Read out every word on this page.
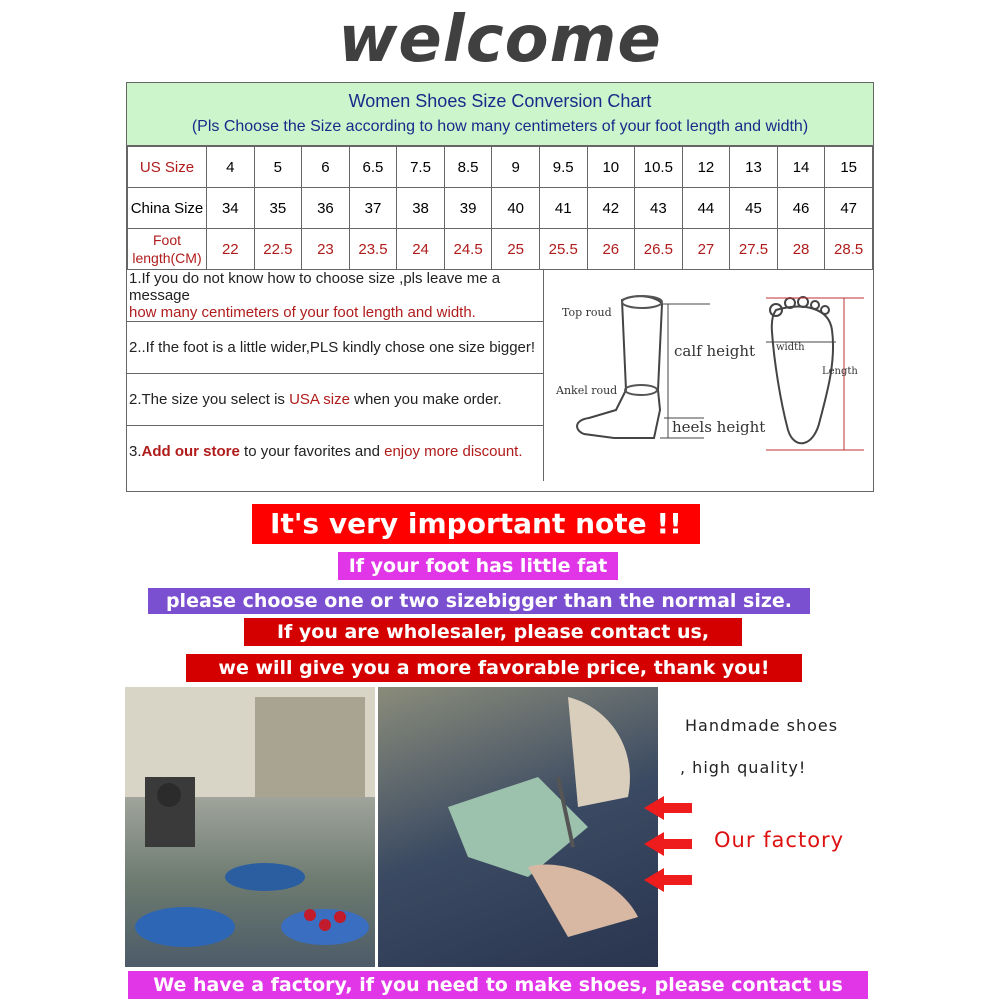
welcome
Women Shoes Size Conversion Chart
(Pls Choose the Size according to how many centimeters of your foot length and width)
US Size	4	5	6	6.5	7.5	8.5	9	9.5	10	10.5	12	13	14	15
China Size	34	35	36	37	38	39	40	41	42	43	44	45	46	47
Foot length(CM)	22	22.5	23	23.5	24	24.5	25	25.5	26	26.5	27	27.5	28	28.5
1.If you do not know how to choose size ,pls leave me a message
how many centimeters of your foot length and width.
2..If the foot is a little wider,PLS kindly chose one size bigger!
2.The size you select is USA size when you make order.
3.Add our store to your favorites and enjoy more discount.
Top roud
Ankel roud
calf height
heels height
width
Length
It's very important note !!
If your foot has little fat
please choose one or two sizebigger than the normal size.
If you are wholesaler, please contact us,
we will give you a more favorable price, thank you!
Handmade shoes
, high quality!
Our factory
We have a factory, if you need to make shoes, please contact us
